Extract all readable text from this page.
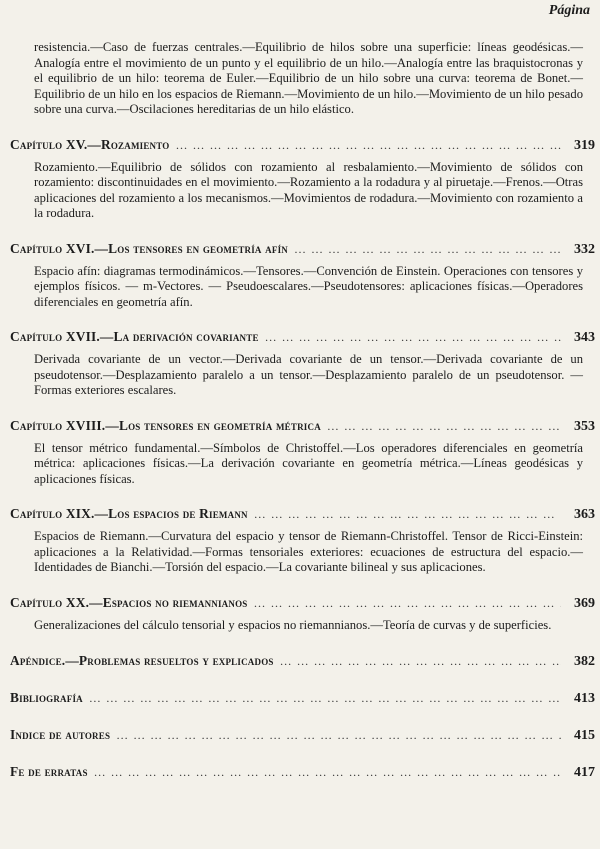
Página
resistencia.—Caso de fuerzas centrales.—Equilibrio de hilos sobre una superficie: líneas geodésicas.—Analogía entre el movimiento de un punto y el equilibrio de un hilo.—Analogía entre las braquistocronas y el equilibrio de un hilo: teorema de Euler.—Equilibrio de un hilo sobre una curva: teorema de Bonet.—Equilibrio de un hilo en los espacios de Riemann.—Movimiento de un hilo.—Movimiento de un hilo pesado sobre una curva.—Oscilaciones hereditarias de un hilo elástico.
Capítulo XV.—Rozamiento … … … … … … … … … … … … … … … … … … … … … … … … … … … … … … … … … … … … … … … … … …	319
Rozamiento.—Equilibrio de sólidos con rozamiento al resbalamiento.—Movimiento de sólidos con rozamiento: discontinuidades en el movimiento.—Rozamiento a la rodadura y al piruetaje.—Frenos.—Otras aplicaciones del rozamiento a los mecanismos.—Movimientos de rodadura.—Movimiento con rozamiento a la rodadura.
Capítulo XVI.—Los tensores en geometría afín … … … … … … … … … … … … … … … … … … … … … … … … … … … … … … … … … … … … … … … … … …	332
Espacio afín: diagramas termodinámicos.—Tensores.—Convención de Einstein. Operaciones con tensores y ejemplos físicos. — m-Vectores. — Pseudoescalares.—Pseudotensores: aplicaciones físicas.—Operadores diferenciales en geometría afín.
Capítulo XVII.—La derivación covariante … … … … … … … … … … … … … … … … … … … … … … … … … … … … … … … … … … … … … … … … … …	343
Derivada covariante de un vector.—Derivada covariante de un tensor.—Derivada covariante de un pseudotensor.—Desplazamiento paralelo a un tensor.—Desplazamiento paralelo de un pseudotensor. — Formas exteriores escalares.
Capítulo XVIII.—Los tensores en geometría métrica … … … … … … … … … … … … … … … … … … … … … … … … … … … … … … … … … … … … … … … … … …	353
El tensor métrico fundamental.—Símbolos de Christoffel.—Los operadores diferenciales en geometría métrica: aplicaciones físicas.—La derivación covariante en geometría métrica.—Líneas geodésicas y aplicaciones físicas.
Capítulo XIX.—Los espacios de Riemann … … … … … … … … … … … … … … … … … … … … … … … … … … … … … … … … … … … … … … … … … …	363
Espacios de Riemann.—Curvatura del espacio y tensor de Riemann-Christoffel. Tensor de Ricci-Einstein: aplicaciones a la Relatividad.—Formas tensoriales exteriores: ecuaciones de estructura del espacio.—Identidades de Bianchi.—Torsión del espacio.—La covariante bilineal y sus aplicaciones.
Capítulo XX.—Espacios no riemannianos … … … … … … … … … … … … … … … … … … … … … … … … … … … … … … … … … … … … … … … … … …	369
Generalizaciones del cálculo tensorial y espacios no riemannianos.—Teoría de curvas y de superficies.
Apéndice.—Problemas resueltos y explicados … … … … … … … … … … … … … … … … … … … … … … … … … … … … … … … … … … … … … … … … … …	382
Bibliografía … … … … … … … … … … … … … … … … … … … … … … … … … … … … … … … … … … … … … … … … … …	413
Indice de autores … … … … … … … … … … … … … … … … … … … … … … … … … … … … … … … … … … … … … … … … … …	415
Fe de erratas … … … … … … … … … … … … … … … … … … … … … … … … … … … … … … … … … … … … … … … … … …	417
